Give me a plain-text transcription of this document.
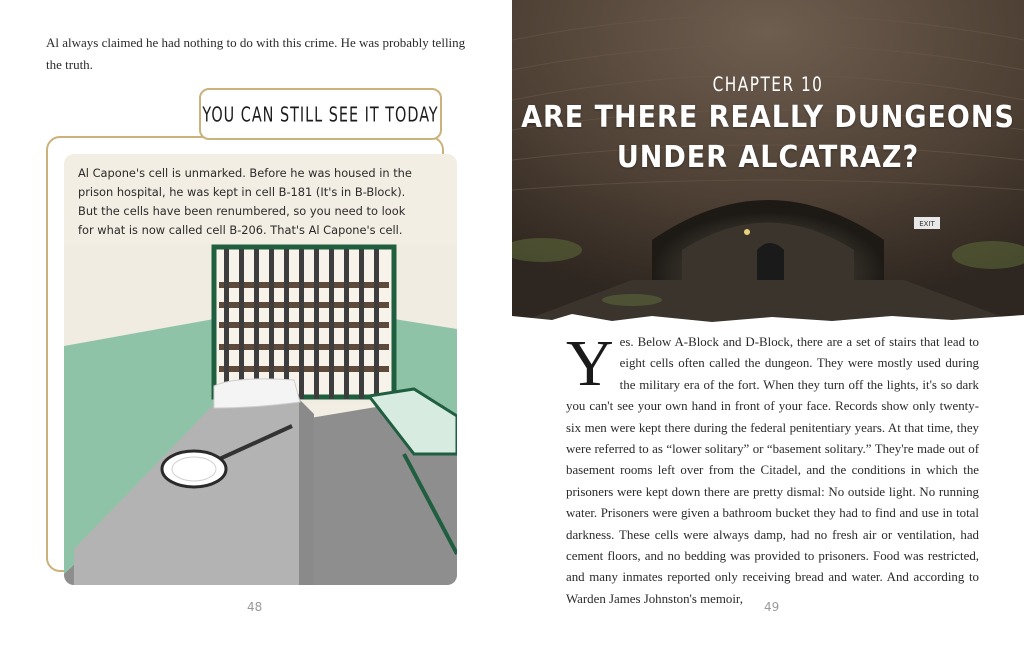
Al always claimed he had nothing to do with this crime. He was probably telling the truth.

YOU CAN STILL SEE IT TODAY

Al Capone's cell is unmarked. Before he was housed in the prison hospital, he was kept in cell B-181 (It's in B-Block). But the cells have been renumbered, so you need to look for what is now called cell B-206. That's Al Capone's cell.

48
EXIT
CHAPTER 10
ARE THERE REALLY DUNGEONS UNDER ALCATRAZ?
Yes. Below A-Block and D-Block, there are a set of stairs that lead to eight cells often called the dungeon. They were mostly used during the military era of the fort. When they turn off the lights, it's so dark you can't see your own hand in front of your face. Records show only twenty-six men were kept there during the federal penitentiary years. At that time, they were referred to as “lower solitary” or “basement solitary.” They're made out of basement rooms left over from the Citadel, and the conditions in which the prisoners were kept down there are pretty dismal: No outside light. No running water. Prisoners were given a bathroom bucket they had to find and use in total darkness. These cells were always damp, had no fresh air or ventilation, had cement floors, and no bedding was provided to prisoners. Food was restricted, and many inmates reported only receiving bread and water. And according to Warden James Johnston's memoir,
49
